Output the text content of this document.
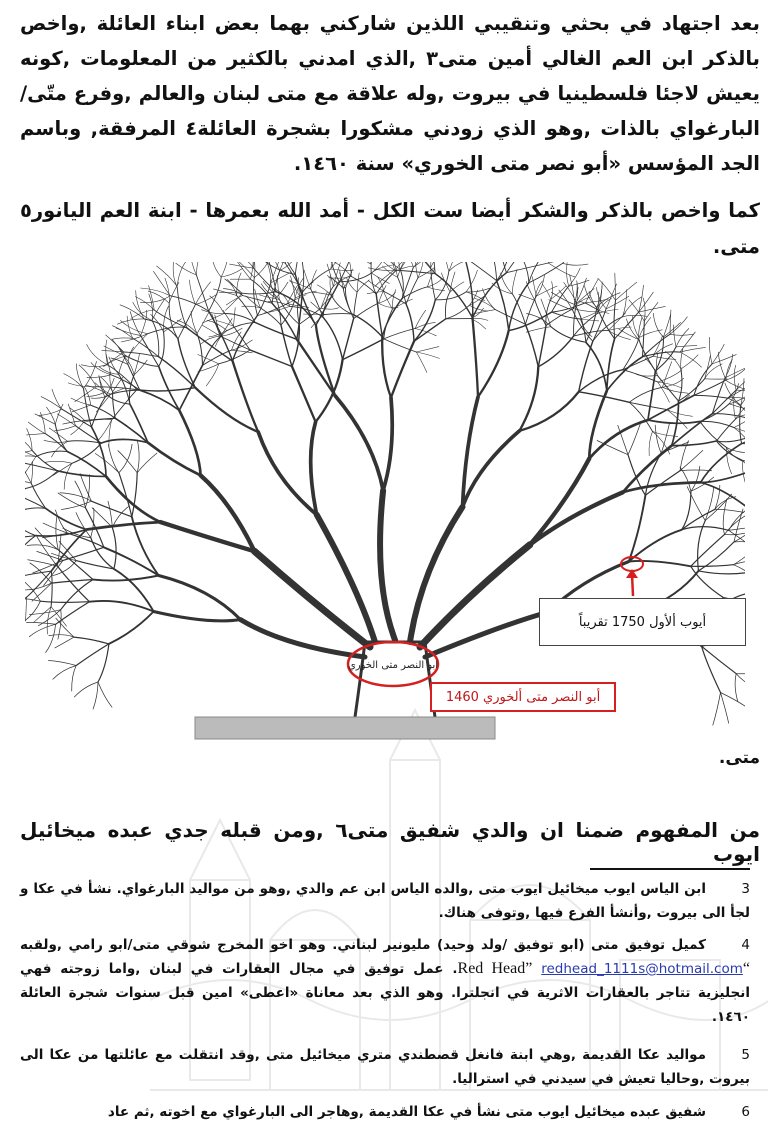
بعد اجتهاد في بحثي وتنقيبي اللذين شاركني بهما بعض ابناء العائلة ,واخص بالذكر ابن العم الغالي أمين متى٣ ,الذي امدني بالكثير من المعلومات ,كونه يعيش لاجئا فلسطينيا في بيروت ,وله علاقة مع متى لبنان والعالم ,وفرع متّى/ البارغواي بالذات ,وهو الذي زودني مشكورا بشجرة العائلة٤ المرفقة, وباسم الجد المؤسس «أبو نصر متى الخوري» سنة ١٤٦٠.
كما واخص بالذكر والشكر أيضا ست الكل - أمد الله بعمرها - ابنة العم اليانور٥ متى.
ابو النصر متى الخوري
أيوب ألأول 1750 تقريباً
أبو النصر متى ألخوري 1460
متى.
من المفهوم ضمنا ان والدي شفيق متى٦ ,ومن قبله جدي عبده ميخائيل ايوب
3ابن الياس ايوب ميخائيل ايوب متى ,والده الياس ابن عم والدي ,وهو من مواليد البارغواي. نشأ في عكا و لجأ الى بيروت ,وأنشأ الفرع فيها ,وتوفى هناك.
4كميل توفيق متى (ابو توفيق /ولد وحيد) مليونير لبناني. وهو اخو المخرج شوقي متى/ابو رامي ,ولقبه “Red Head” redhead_1111s@hotmail.com. عمل توفيق في مجال العقارات في لبنان ,واما زوجته فهي انجليزية تتاجر بالعقارات الاثرية في انجلترا. وهو الذي بعد معاناة «اعطى» امين قبل سنوات شجرة العائلة ١٤٦٠.
5مواليد عكا القديمة ,وهي ابنة فانغل قصطندي متري ميخائيل متى ,وقد انتقلت مع عائلتها من عكا الى بيروت ,وحاليا تعيش في سيدني في استراليا.
6شفيق عبده ميخائيل ايوب متى نشأ في عكا القديمة ,وهاجر الى البارغواي مع اخوته ,ثم عاد
